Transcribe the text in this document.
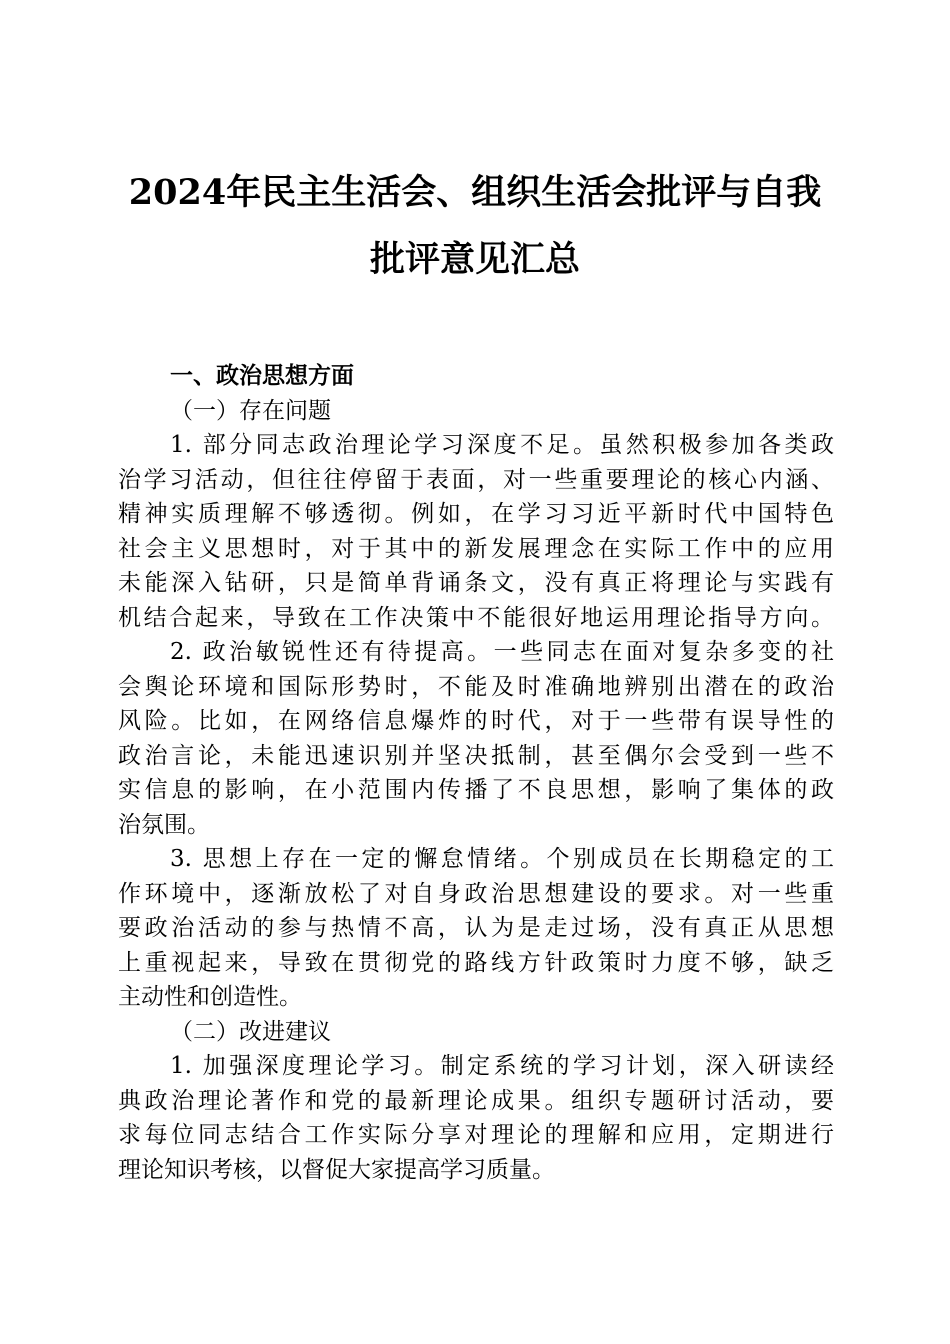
2024年民主生活会、组织生活会批评与自我
批评意见汇总
一、政治思想方面
（一）存在问题
1. 部分同志政治理论学习深度不足。虽然积极参加各类政
治学习活动，但往往停留于表面，对一些重要理论的核心内涵、
精神实质理解不够透彻。例如，在学习习近平新时代中国特色
社会主义思想时，对于其中的新发展理念在实际工作中的应用
未能深入钻研，只是简单背诵条文，没有真正将理论与实践有
机结合起来，导致在工作决策中不能很好地运用理论指导方向。
2. 政治敏锐性还有待提高。一些同志在面对复杂多变的社
会舆论环境和国际形势时，不能及时准确地辨别出潜在的政治
风险。比如，在网络信息爆炸的时代，对于一些带有误导性的
政治言论，未能迅速识别并坚决抵制，甚至偶尔会受到一些不
实信息的影响，在小范围内传播了不良思想，影响了集体的政
治氛围。
3. 思想上存在一定的懈怠情绪。个别成员在长期稳定的工
作环境中，逐渐放松了对自身政治思想建设的要求。对一些重
要政治活动的参与热情不高，认为是走过场，没有真正从思想
上重视起来，导致在贯彻党的路线方针政策时力度不够，缺乏
主动性和创造性。
（二）改进建议
1. 加强深度理论学习。制定系统的学习计划，深入研读经
典政治理论著作和党的最新理论成果。组织专题研讨活动，要
求每位同志结合工作实际分享对理论的理解和应用，定期进行
理论知识考核，以督促大家提高学习质量。
